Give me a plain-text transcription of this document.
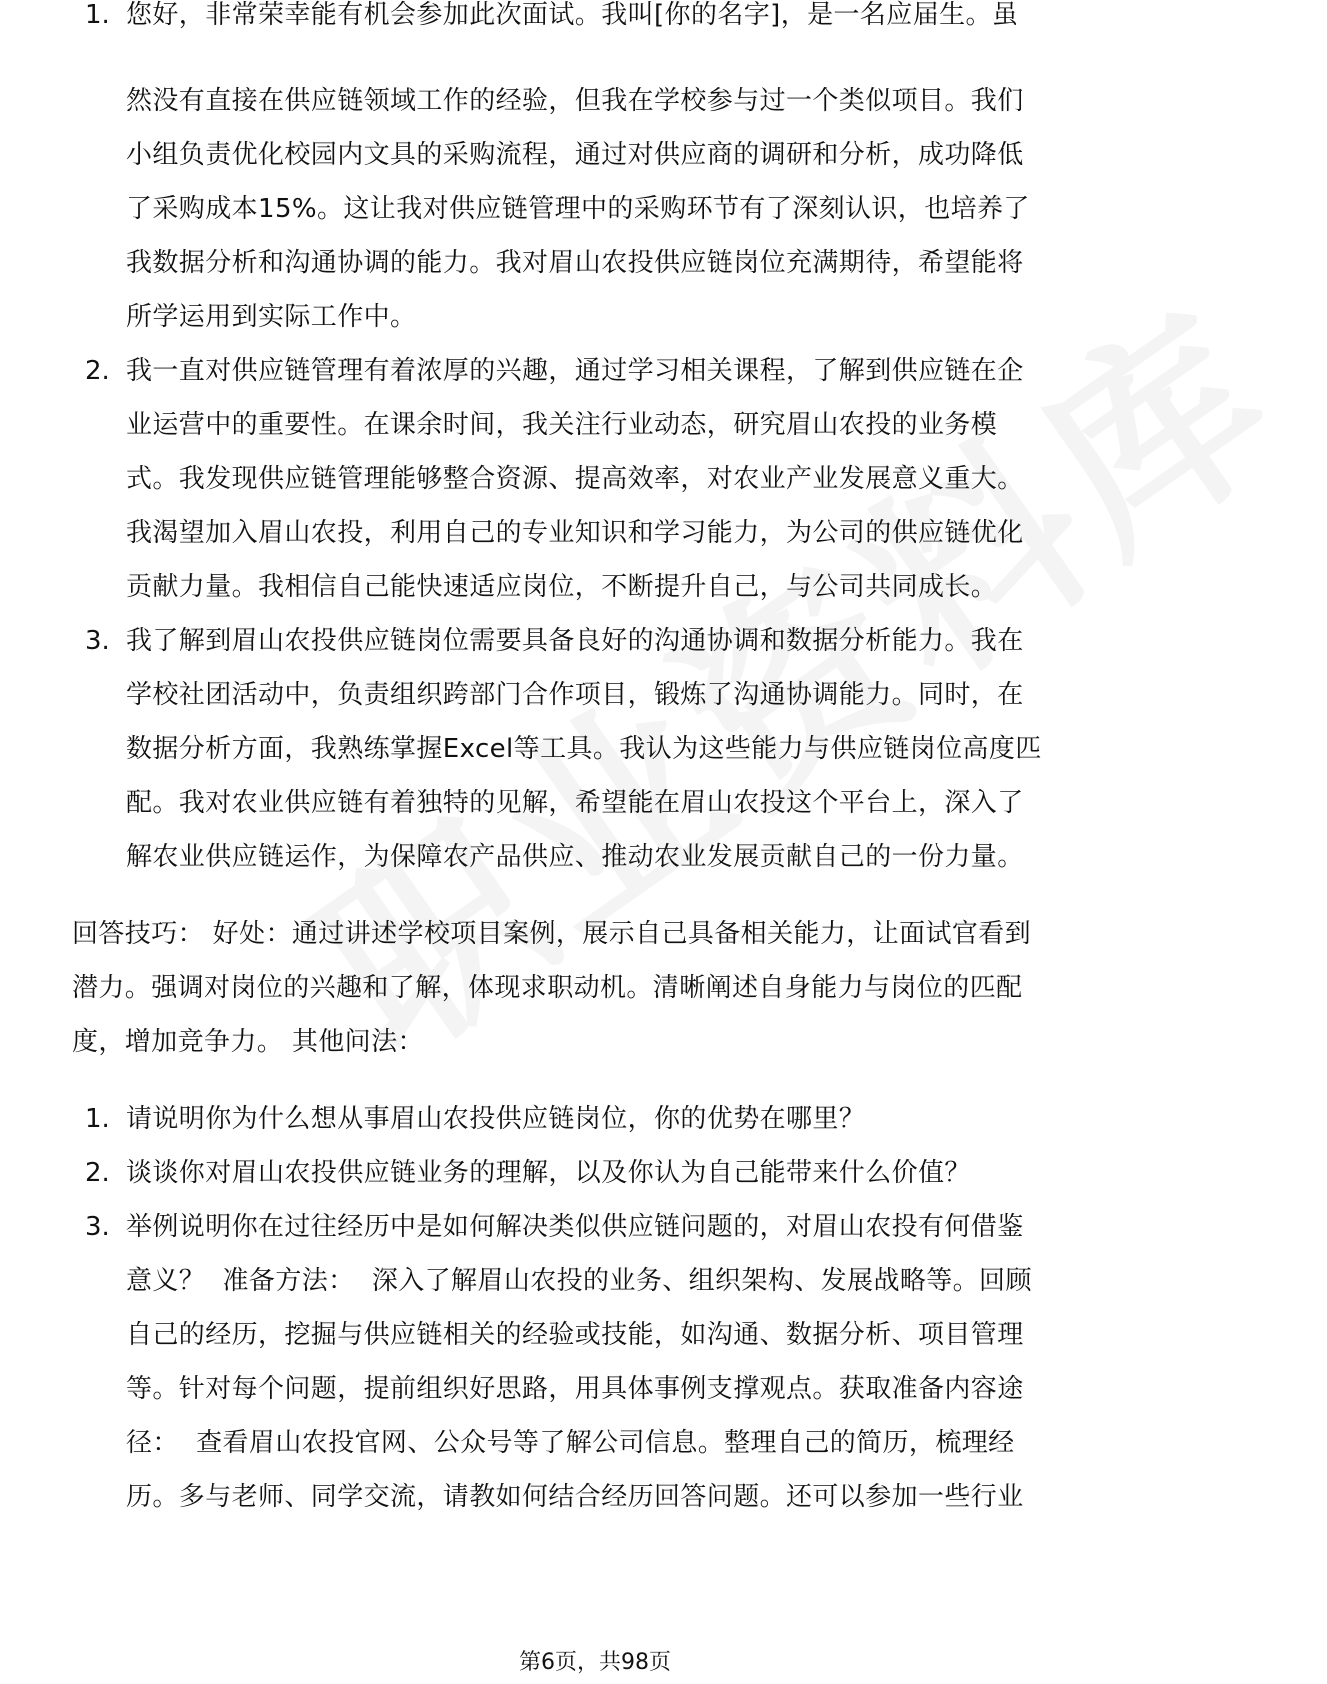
1. 您好，非常荣幸能有机会参加此次面试。我叫[你的名字]，是一名应届生。虽
然没有直接在供应链领域工作的经验，但我在学校参与过一个类似项目。我们
小组负责优化校园内文具的采购流程，通过对供应商的调研和分析，成功降低
了采购成本15%。这让我对供应链管理中的采购环节有了深刻认识，也培养了
我数据分析和沟通协调的能力。我对眉山农投供应链岗位充满期待，希望能将
所学运用到实际工作中。
2. 我一直对供应链管理有着浓厚的兴趣，通过学习相关课程，了解到供应链在企
业运营中的重要性。在课余时间，我关注行业动态，研究眉山农投的业务模
式。我发现供应链管理能够整合资源、提高效率，对农业产业发展意义重大。
我渴望加入眉山农投，利用自己的专业知识和学习能力，为公司的供应链优化
贡献力量。我相信自己能快速适应岗位，不断提升自己，与公司共同成长。
3. 我了解到眉山农投供应链岗位需要具备良好的沟通协调和数据分析能力。我在
学校社团活动中，负责组织跨部门合作项目，锻炼了沟通协调能力。同时，在
数据分析方面，我熟练掌握Excel等工具。我认为这些能力与供应链岗位高度匹
配。我对农业供应链有着独特的见解，希望能在眉山农投这个平台上，深入了
解农业供应链运作，为保障农产品供应、推动农业发展贡献自己的一份力量。
回答技巧： 好处：通过讲述学校项目案例，展示自己具备相关能力，让面试官看到
潜力。强调对岗位的兴趣和了解，体现求职动机。清晰阐述自身能力与岗位的匹配
度，增加竞争力。 其他问法：
1. 请说明你为什么想从事眉山农投供应链岗位，你的优势在哪里？
2. 谈谈你对眉山农投供应链业务的理解，以及你认为自己能带来什么价值？
3. 举例说明你在过往经历中是如何解决类似供应链问题的，对眉山农投有何借鉴
意义？  准备方法：  深入了解眉山农投的业务、组织架构、发展战略等。回顾
自己的经历，挖掘与供应链相关的经验或技能，如沟通、数据分析、项目管理
等。针对每个问题，提前组织好思路，用具体事例支撑观点。获取准备内容途
径：  查看眉山农投官网、公众号等了解公司信息。整理自己的简历，梳理经
历。多与老师、同学交流，请教如何结合经历回答问题。还可以参加一些行业
第6页，共98页
